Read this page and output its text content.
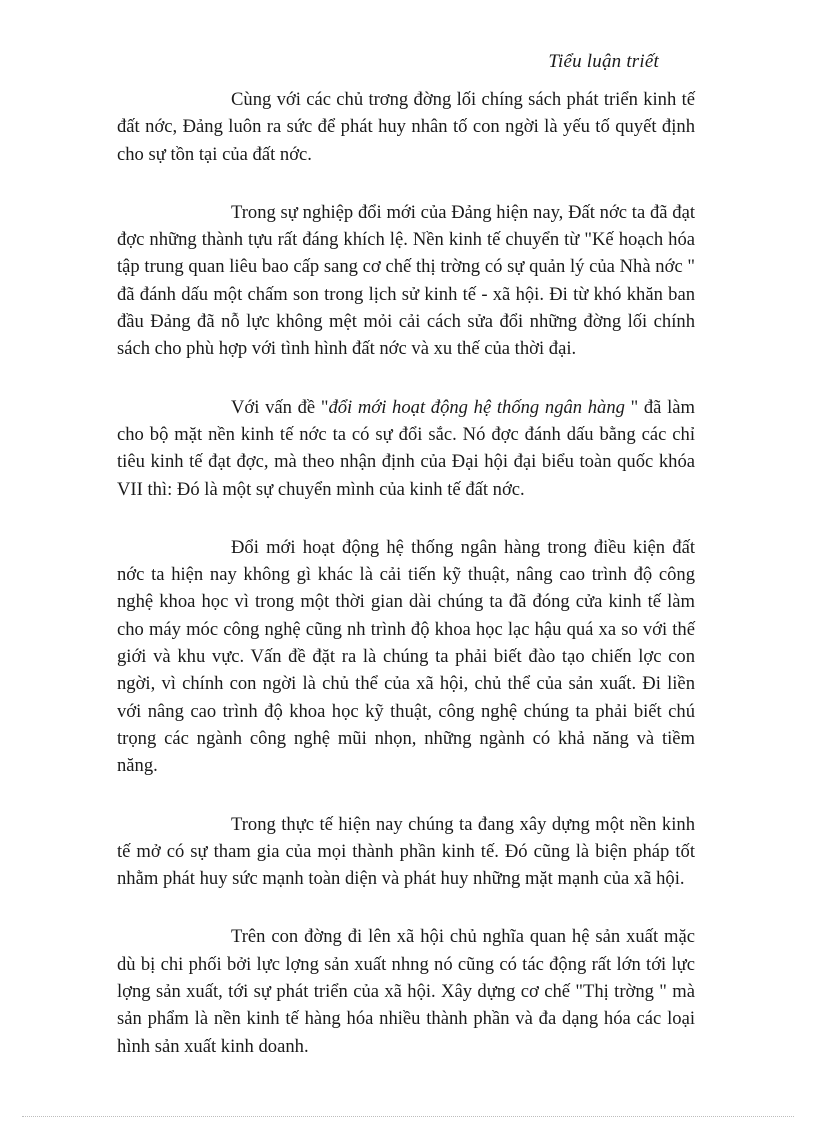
Tiểu luận triết

Cùng với các chủ trơng đờng lối chíng sách phát triển kinh tế đất nớc, Đảng luôn ra sức để phát huy nhân tố con ngời là yếu tố quyết định cho sự tồn tại của đất nớc.

Trong sự nghiệp đổi mới của Đảng hiện nay, Đất nớc ta đã đạt đợc những thành tựu rất đáng khích lệ. Nền kinh tế chuyển từ "Kế hoạch hóa tập trung quan liêu bao cấp sang cơ chế thị trờng có sự quản lý của Nhà nớc " đã đánh dấu một chấm son trong lịch sử kinh tế - xã hội. Đi từ khó khăn ban đầu Đảng đã nỗ lực không mệt mỏi cải cách sửa đổi những đờng lối chính sách cho phù hợp với tình hình đất nớc và xu thế của thời đại.

Với vấn đề "đổi mới hoạt động hệ thống ngân hàng " đã làm cho bộ mặt nền kinh tế nớc ta có sự đổi sắc. Nó đợc đánh dấu bằng các chỉ tiêu kinh tế đạt đợc, mà theo nhận định của Đại hội đại biểu toàn quốc khóa VII thì: Đó là một sự chuyển mình của kinh tế đất nớc.

Đổi mới hoạt động hệ thống ngân hàng trong điều kiện đất nớc ta hiện nay không gì khác là cải tiến kỹ thuật, nâng cao trình độ công nghệ khoa học vì trong một thời gian dài chúng ta đã đóng cửa kinh tế làm cho máy móc công nghệ cũng nh trình độ khoa học lạc hậu quá xa so với thế giới và khu vực. Vấn đề đặt ra là chúng ta phải biết đào tạo chiến lợc con ngời, vì chính con ngời là chủ thể của xã hội, chủ thể của sản xuất. Đi liền với nâng cao trình độ khoa học kỹ thuật, công nghệ chúng ta phải biết chú trọng các ngành công nghệ mũi nhọn, những ngành có khả năng và tiềm năng.

Trong thực tế hiện nay chúng ta đang xây dựng một nền kinh tế mở có sự tham gia của mọi thành phần kinh tế. Đó cũng là biện pháp tốt nhằm phát huy sức mạnh toàn diện và phát huy những mặt mạnh của xã hội.

Trên con đờng đi lên xã hội chủ nghĩa quan hệ sản xuất mặc dù bị chi phối bởi lực lợng sản xuất nhng nó cũng có tác động rất lớn tới lực lợng sản xuất, tới sự phát triển của xã hội. Xây dựng cơ chế "Thị trờng " mà sản phẩm là nền kinh tế hàng hóa nhiều thành phần và đa dạng hóa các loại hình sản xuất kinh doanh.
